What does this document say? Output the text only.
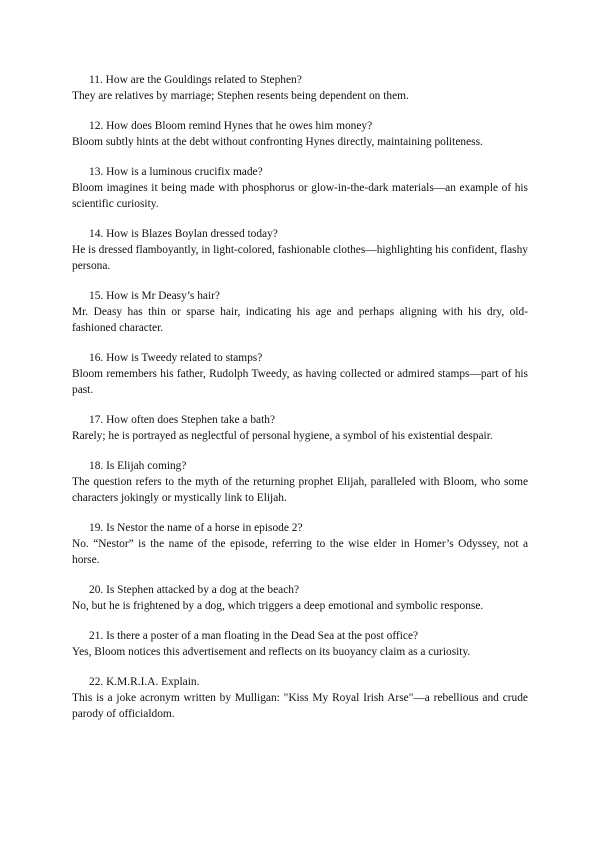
11. How are the Gouldings related to Stephen?

They are relatives by marriage; Stephen resents being dependent on them.

12. How does Bloom remind Hynes that he owes him money?

Bloom subtly hints at the debt without confronting Hynes directly, maintaining politeness.

13. How is a luminous crucifix made?

Bloom imagines it being made with phosphorus or glow-in-the-dark materials—an example of his scientific curiosity.

14. How is Blazes Boylan dressed today?

He is dressed flamboyantly, in light-colored, fashionable clothes—highlighting his confident, flashy persona.

15. How is Mr Deasy’s hair?

Mr. Deasy has thin or sparse hair, indicating his age and perhaps aligning with his dry, old-fashioned character.

16. How is Tweedy related to stamps?

Bloom remembers his father, Rudolph Tweedy, as having collected or admired stamps—part of his past.

17. How often does Stephen take a bath?

Rarely; he is portrayed as neglectful of personal hygiene, a symbol of his existential despair.

18. Is Elijah coming?

The question refers to the myth of the returning prophet Elijah, paralleled with Bloom, who some characters jokingly or mystically link to Elijah.

19. Is Nestor the name of a horse in episode 2?

No. “Nestor” is the name of the episode, referring to the wise elder in Homer’s Odyssey, not a horse.

20. Is Stephen attacked by a dog at the beach?

No, but he is frightened by a dog, which triggers a deep emotional and symbolic response.

21. Is there a poster of a man floating in the Dead Sea at the post office?

Yes, Bloom notices this advertisement and reflects on its buoyancy claim as a curiosity.

22. K.M.R.I.A. Explain.

This is a joke acronym written by Mulligan: "Kiss My Royal Irish Arse"—a rebellious and crude parody of officialdom.
